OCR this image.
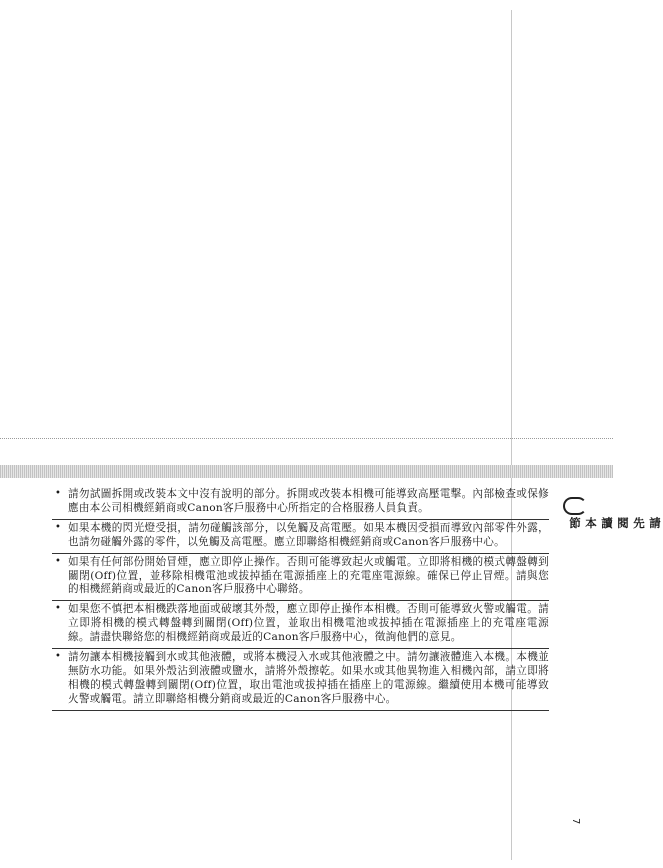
• 請勿試圖拆開或改裝本文中沒有說明的部分。拆開或改裝本相機可能導致高壓電擊。內部檢查或保修應由本公司相機經銷商或Canon客戶服務中心所指定的合格服務人員負責。
• 如果本機的閃光燈受損，請勿碰觸該部分，以免觸及高電壓。如果本機因受損而導致內部零件外露，也請勿碰觸外露的零件，以免觸及高電壓。應立即聯絡相機經銷商或Canon客戶服務中心。
• 如果有任何部份開始冒煙，應立即停止操作。否則可能導致起火或觸電。立即將相機的模式轉盤轉到關閉(Off)位置，並移除相機電池或拔掉插在電源插座上的充電座電源線。確保已停止冒煙。請與您的相機經銷商或最近的Canon客戶服務中心聯絡。
• 如果您不慎把本相機跌落地面或破壞其外殼，應立即停止操作本相機。否則可能導致火警或觸電。請立即將相機的模式轉盤轉到關閉(Off)位置，並取出相機電池或拔掉插在電源插座上的充電座電源線。請盡快聯絡您的相機經銷商或最近的Canon客戶服務中心，徵詢他們的意見。
• 請勿讓本相機接觸到水或其他液體，或將本機浸入水或其他液體之中。請勿讓液體進入本機。本機並無防水功能。如果外殼沾到液體或鹽水，請將外殼擦乾。如果水或其他異物進入相機內部，請立即將相機的模式轉盤轉到關閉(Off)位置，取出電池或拔掉插在插座上的電源線。繼續使用本機可能導致火警或觸電。請立即聯絡相機分銷商或最近的Canon客戶服務中心。
請先閱讀本節
7
